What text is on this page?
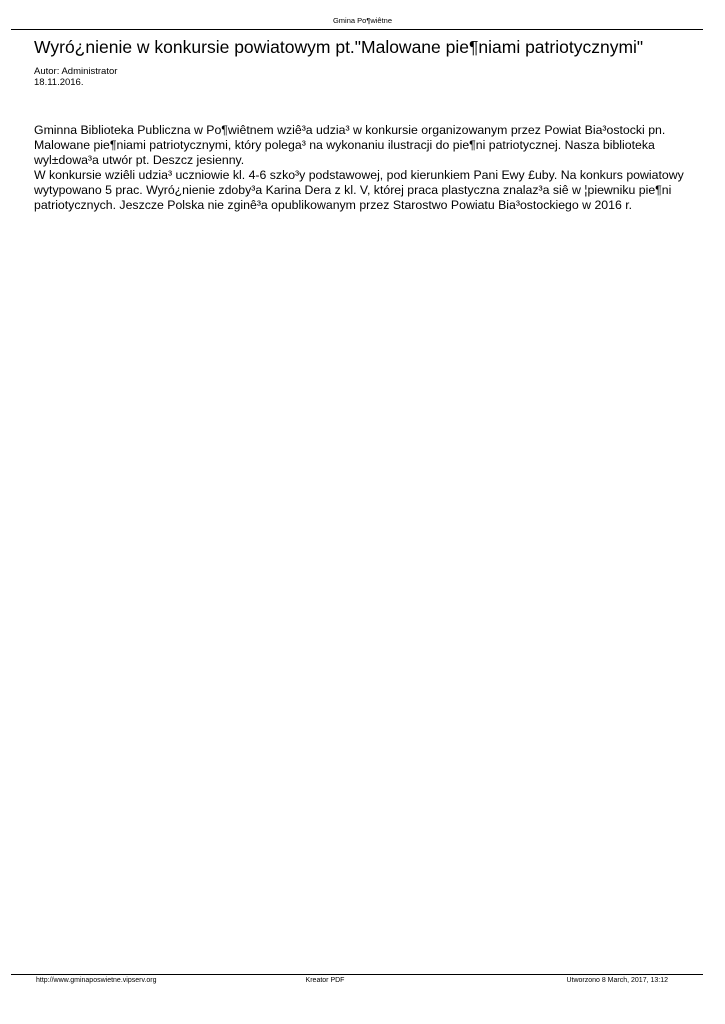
Gmina Po¶wiêtne
Wyró¿nienie w konkursie powiatowym pt."Malowane pie¶niami patriotycznymi"
Autor: Administrator
18.11.2016.

Gminna Biblioteka Publiczna w Po¶wiêtnem wziê³a udzia³ w konkursie organizowanym przez Powiat Bia³ostocki pn. Malowane pie¶niami patriotycznymi, który polega³ na wykonaniu ilustracji do pie¶ni patriotycznej. Nasza biblioteka wyl±dowa³a utwór pt. Deszcz jesienny.

W konkursie wziêli udzia³ uczniowie kl. 4-6 szko³y podstawowej, pod kierunkiem Pani Ewy £uby. Na konkurs powiatowy wytypowano 5 prac. Wyró¿nienie zdoby³a Karina Dera z kl. V, której praca plastyczna znalaz³a siê w ¦piewniku pie¶ni patriotycznych. Jeszcze Polska nie zginê³a opublikowanym przez Starostwo Powiatu Bia³ostockiego w 2016 r.

http://www.gminaposwietne.vipserv.org	Kreator PDF	Utworzono 8 March, 2017, 13:12
